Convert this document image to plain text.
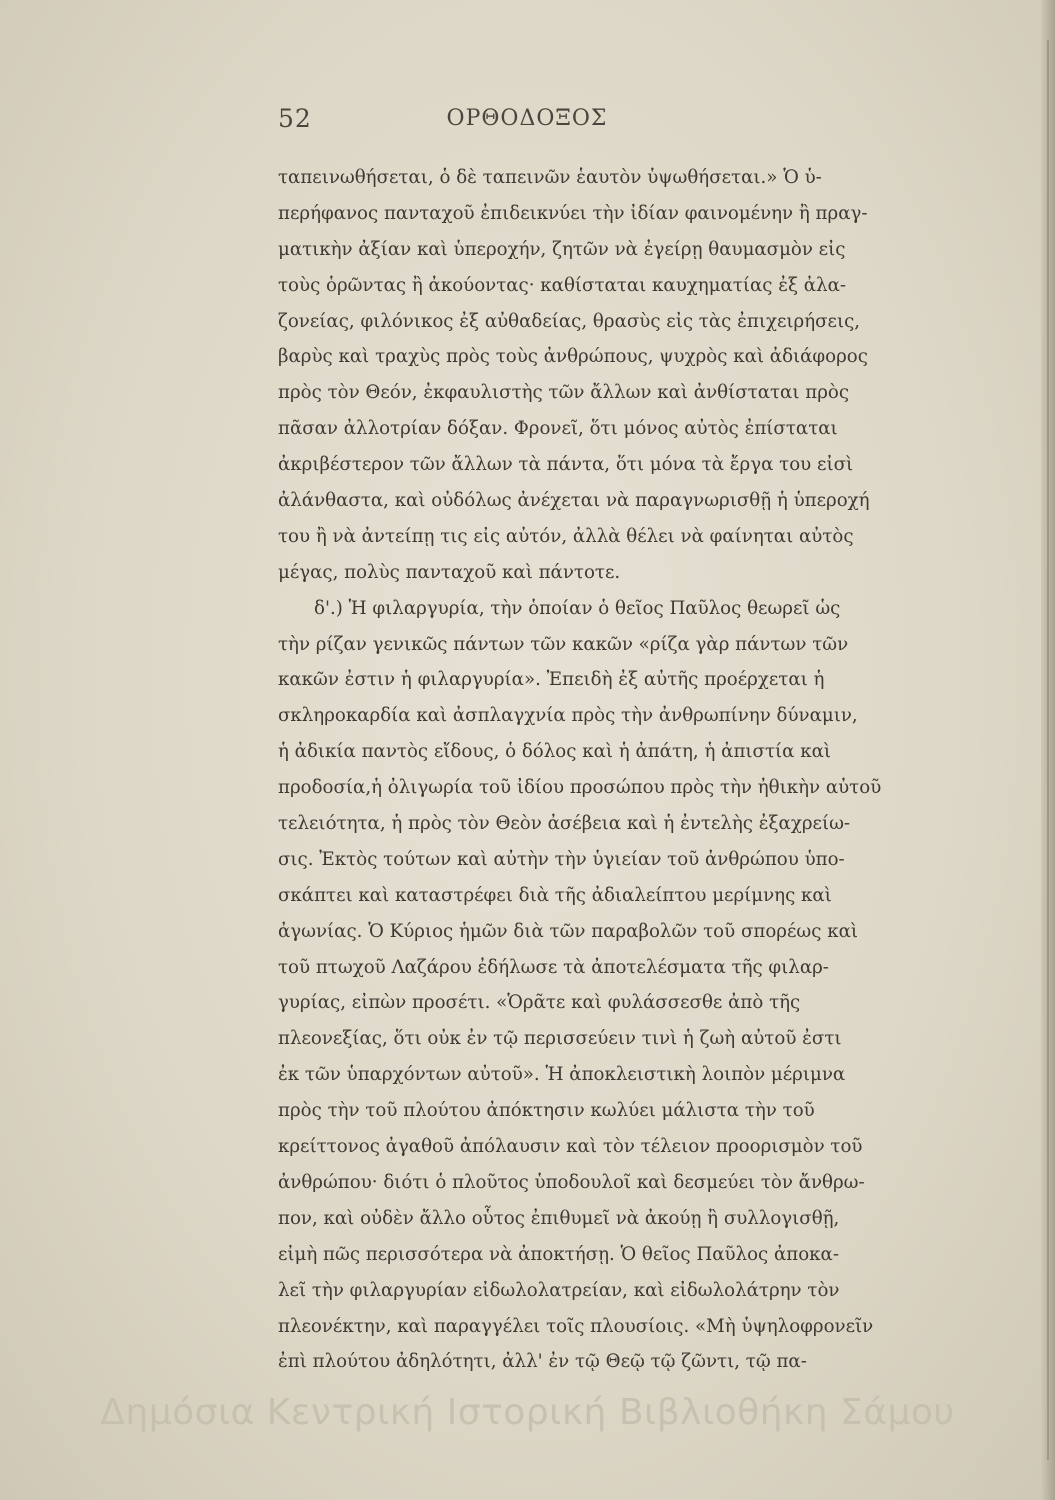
52	ΟΡΘΟΔΟΞΟΣ
ταπεινωθήσεται, ὁ δὲ ταπεινῶν ἑαυτὸν ὑψωθήσεται.» Ὁ ὑ-
περήφανος πανταχοῦ ἐπιδεικνύει τὴν ἰδίαν φαινομένην ἢ πραγ-
ματικὴν ἀξίαν καὶ ὑπεροχήν, ζητῶν νὰ ἐγείρῃ θαυμασμὸν εἰς
τοὺς ὁρῶντας ἢ ἀκούοντας· καθίσταται καυχηματίας ἐξ ἀλα-
ζονείας, φιλόνικος ἐξ αὐθαδείας, θρασὺς εἰς τὰς ἐπιχειρήσεις,
βαρὺς καὶ τραχὺς πρὸς τοὺς ἀνθρώπους, ψυχρὸς καὶ ἀδιάφορος
πρὸς τὸν Θεόν, ἐκφαυλιστὴς τῶν ἄλλων καὶ ἀνθίσταται πρὸς
πᾶσαν ἀλλοτρίαν δόξαν. Φρονεῖ, ὅτι μόνος αὐτὸς ἐπίσταται
ἀκριβέστερον τῶν ἄλλων τὰ πάντα, ὅτι μόνα τὰ ἔργα του εἰσὶ
ἀλάνθαστα, καὶ οὐδόλως ἀνέχεται νὰ παραγνωρισθῇ ἡ ὑπεροχή
του ἢ νὰ ἀντείπῃ τις εἰς αὐτόν, ἀλλὰ θέλει νὰ φαίνηται αὐτὸς
μέγας, πολὺς πανταχοῦ καὶ πάντοτε.
δ'.) Ἡ φιλαργυρία, τὴν ὁποίαν ὁ θεῖος Παῦλος θεωρεῖ ὡς
τὴν ρίζαν γενικῶς πάντων τῶν κακῶν «ρίζα γὰρ πάντων τῶν
κακῶν ἐστιν ἡ φιλαργυρία». Ἐπειδὴ ἐξ αὐτῆς προέρχεται ἡ
σκληροκαρδία καὶ ἀσπλαγχνία πρὸς τὴν ἀνθρωπίνην δύναμιν,
ἡ ἀδικία παντὸς εἴδους, ὁ δόλος καὶ ἡ ἀπάτη, ἡ ἀπιστία καὶ
προδοσία,ἡ ὀλιγωρία τοῦ ἰδίου προσώπου πρὸς τὴν ἠθικὴν αὐτοῦ
τελειότητα, ἡ πρὸς τὸν Θεὸν ἀσέβεια καὶ ἡ ἐντελὴς ἐξαχρείω-
σις. Ἐκτὸς τούτων καὶ αὐτὴν τὴν ὑγιείαν τοῦ ἀνθρώπου ὑπο-
σκάπτει καὶ καταστρέφει διὰ τῆς ἀδιαλείπτου μερίμνης καὶ
ἀγωνίας. Ὁ Κύριος ἡμῶν διὰ τῶν παραβολῶν τοῦ σπορέως καὶ
τοῦ πτωχοῦ Λαζάρου ἐδήλωσε τὰ ἀποτελέσματα τῆς φιλαρ-
γυρίας, εἰπὼν προσέτι. «Ὁρᾶτε καὶ φυλάσσεσθε ἀπὸ τῆς
πλεονεξίας, ὅτι οὐκ ἐν τῷ περισσεύειν τινὶ ἡ ζωὴ αὐτοῦ ἐστι
ἐκ τῶν ὑπαρχόντων αὐτοῦ». Ἡ ἀποκλειστικὴ λοιπὸν μέριμνα
πρὸς τὴν τοῦ πλούτου ἀπόκτησιν κωλύει μάλιστα τὴν τοῦ
κρείττονος ἀγαθοῦ ἀπόλαυσιν καὶ τὸν τέλειον προορισμὸν τοῦ
ἀνθρώπου· διότι ὁ πλοῦτος ὑποδουλοῖ καὶ δεσμεύει τὸν ἄνθρω-
πον, καὶ οὐδὲν ἄλλο οὗτος ἐπιθυμεῖ νὰ ἀκούῃ ἢ συλλογισθῇ,
εἰμὴ πῶς περισσότερα νὰ ἀποκτήσῃ. Ὁ θεῖος Παῦλος ἀποκα-
λεῖ τὴν φιλαργυρίαν εἰδωλολατρείαν, καὶ εἰδωλολάτρην τὸν
πλεονέκτην, καὶ παραγγέλει τοῖς πλουσίοις. «Μὴ ὑψηλοφρονεῖν
ἐπὶ πλούτου ἀδηλότητι, ἀλλ' ἐν τῷ Θεῷ τῷ ζῶντι, τῷ πα-
Δημόσια Κεντρική Ιστορική Βιβλιοθήκη Σάμου
